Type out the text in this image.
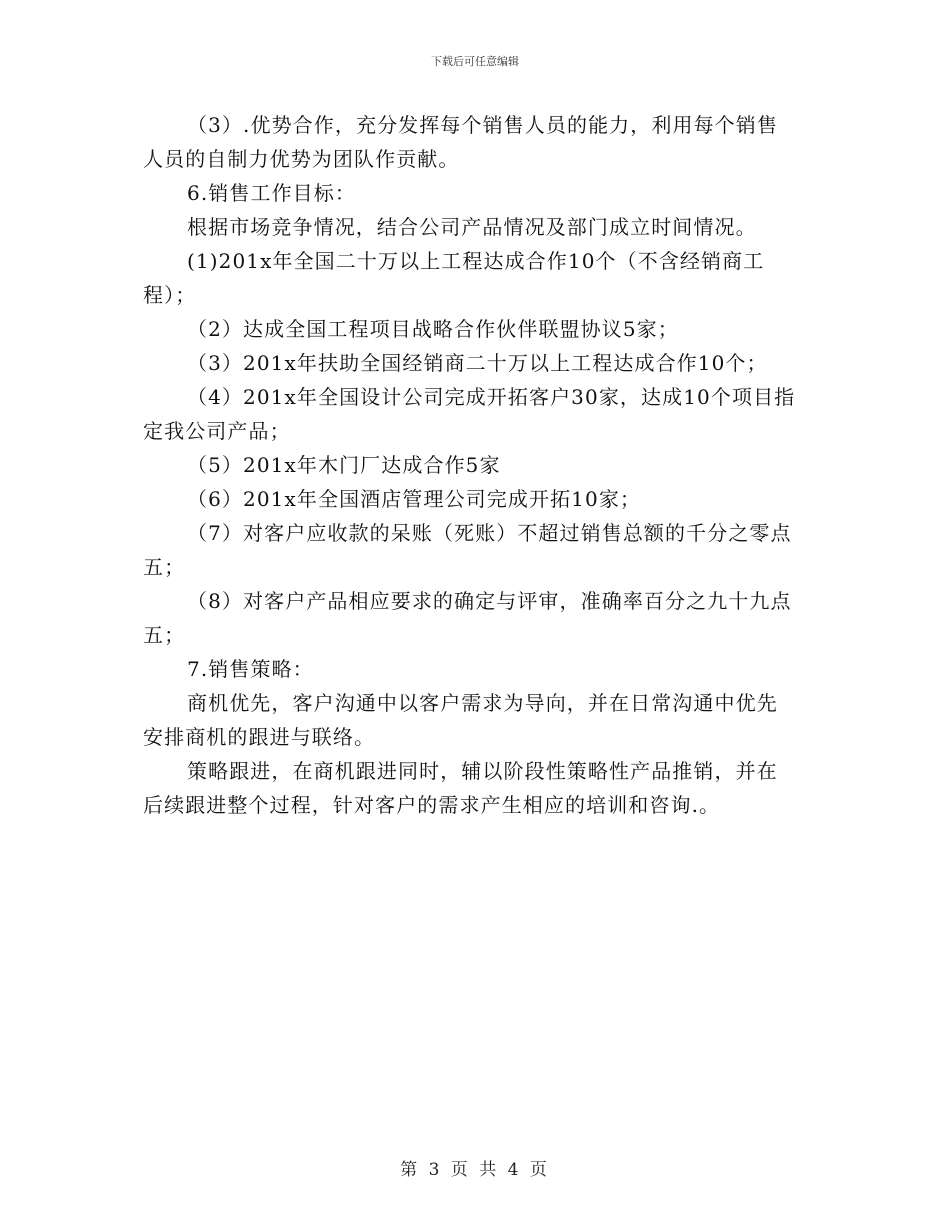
下载后可任意编辑
（3）.优势合作，充分发挥每个销售人员的能力，利用每个销售
人员的自制力优势为团队作贡献。
6.销售工作目标：
根据市场竞争情况，结合公司产品情况及部门成立时间情况。
(1)201x年全国二十万以上工程达成合作10个（不含经销商工
程）；
（2）达成全国工程项目战略合作伙伴联盟协议5家；
（3）201x年扶助全国经销商二十万以上工程达成合作10个；
（4）201x年全国设计公司完成开拓客户30家，达成10个项目指
定我公司产品；
（5）201x年木门厂达成合作5家
（6）201x年全国酒店管理公司完成开拓10家；
（7）对客户应收款的呆账（死账）不超过销售总额的千分之零点
五；
（8）对客户产品相应要求的确定与评审，准确率百分之九十九点
五；
7.销售策略：
商机优先，客户沟通中以客户需求为导向，并在日常沟通中优先
安排商机的跟进与联络。
策略跟进，在商机跟进同时，辅以阶段性策略性产品推销，并在
后续跟进整个过程，针对客户的需求产生相应的培训和咨询.。
第 3 页 共 4 页
